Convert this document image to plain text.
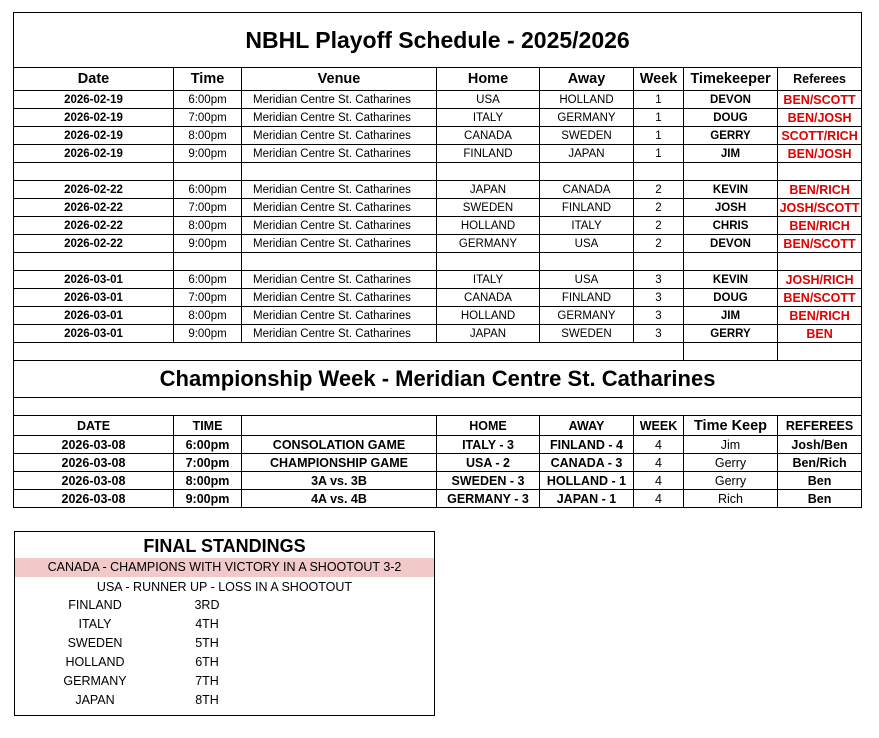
NBHL Playoff Schedule - 2025/2026							
Date	Time	Venue	Home	Away	Week	Timekeeper	Referees
2026-02-19	6:00pm	Meridian Centre St. Catharines	USA	HOLLAND	1	DEVON	BEN/SCOTT
2026-02-19	7:00pm	Meridian Centre St. Catharines	ITALY	GERMANY	1	DOUG	BEN/JOSH
2026-02-19	8:00pm	Meridian Centre St. Catharines	CANADA	SWEDEN	1	GERRY	SCOTT/RICH
2026-02-19	9:00pm	Meridian Centre St. Catharines	FINLAND	JAPAN	1	JIM	BEN/JOSH

2026-02-22	6:00pm	Meridian Centre St. Catharines	JAPAN	CANADA	2	KEVIN	BEN/RICH
2026-02-22	7:00pm	Meridian Centre St. Catharines	SWEDEN	FINLAND	2	JOSH	JOSH/SCOTT
2026-02-22	8:00pm	Meridian Centre St. Catharines	HOLLAND	ITALY	2	CHRIS	BEN/RICH
2026-02-22	9:00pm	Meridian Centre St. Catharines	GERMANY	USA	2	DEVON	BEN/SCOTT

2026-03-01	6:00pm	Meridian Centre St. Catharines	ITALY	USA	3	KEVIN	JOSH/RICH
2026-03-01	7:00pm	Meridian Centre St. Catharines	CANADA	FINLAND	3	DOUG	BEN/SCOTT
2026-03-01	8:00pm	Meridian Centre St. Catharines	HOLLAND	GERMANY	3	JIM	BEN/RICH
2026-03-01	9:00pm	Meridian Centre St. Catharines	JAPAN	SWEDEN	3	GERRY	BEN

Championship Week - Meridian Centre St. Catharines							

DATE	TIME		HOME	AWAY	WEEK	Time Keep	REFEREES
2026-03-08	6:00pm	CONSOLATION GAME	ITALY - 3	FINLAND - 4	4	Jim	Josh/Ben
2026-03-08	7:00pm	CHAMPIONSHIP GAME	USA - 2	CANADA - 3	4	Gerry	Ben/Rich
2026-03-08	8:00pm	3A vs. 3B	SWEDEN - 3	HOLLAND - 1	4	Gerry	Ben
2026-03-08	9:00pm	4A vs. 4B	GERMANY - 3	JAPAN - 1	4	Rich	Ben
FINAL STANDINGS
CANADA - CHAMPIONS WITH VICTORY IN A SHOOTOUT 3-2
USA - RUNNER UP - LOSS IN A SHOOTOUT
FINLAND	3RD
ITALY	4TH
SWEDEN	5TH
HOLLAND	6TH
GERMANY	7TH
JAPAN	8TH
